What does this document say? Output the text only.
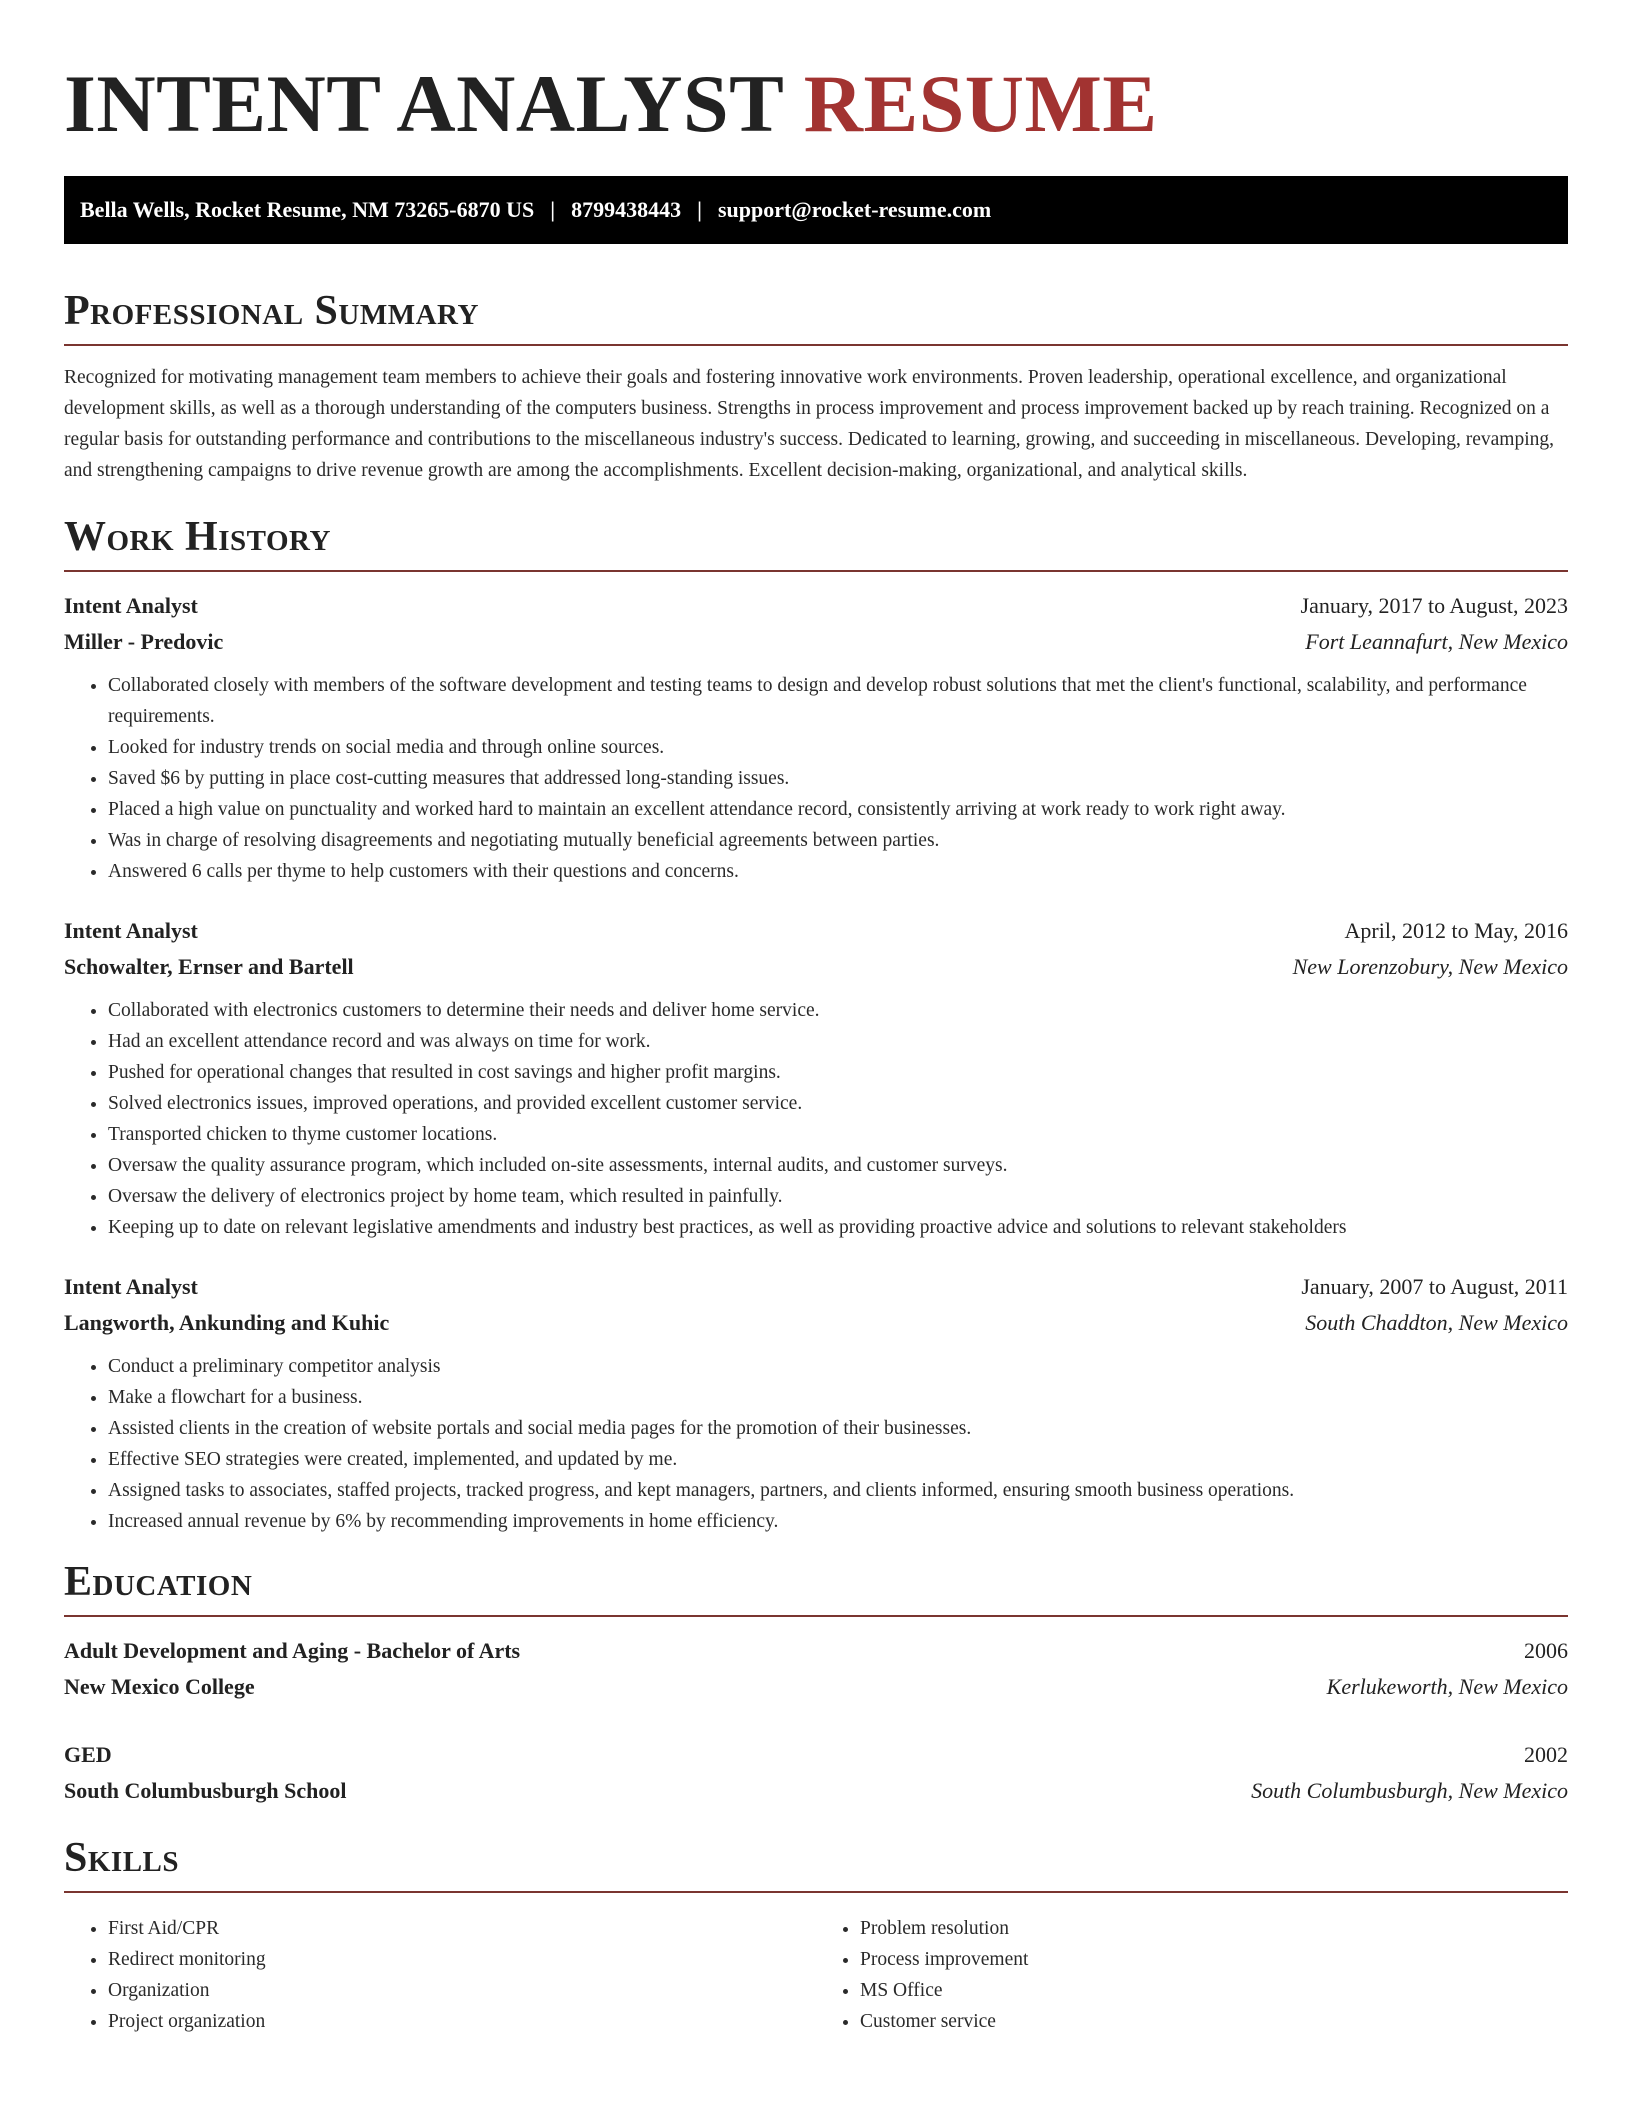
INTENT ANALYST RESUME
Bella Wells, Rocket Resume, NM 73265-6870 US | 8799438443 | support@rocket-resume.com
Professional Summary

Recognized for motivating management team members to achieve their goals and fostering innovative work environments. Proven leadership, operational excellence, and organizational development skills, as well as a thorough understanding of the computers business. Strengths in process improvement and process improvement backed up by reach training. Recognized on a regular basis for outstanding performance and contributions to the miscellaneous industry's success. Dedicated to learning, growing, and succeeding in miscellaneous. Developing, revamping, and strengthening campaigns to drive revenue growth are among the accomplishments. Excellent decision-making, organizational, and analytical skills.

Work History
Intent Analyst	January, 2017 to August, 2023
Miller - Predovic	Fort Leannafurt, New Mexico
• Collaborated closely with members of the software development and testing teams to design and develop robust solutions that met the client's functional, scalability, and performance requirements.
• Looked for industry trends on social media and through online sources.
• Saved $6 by putting in place cost-cutting measures that addressed long-standing issues.
• Placed a high value on punctuality and worked hard to maintain an excellent attendance record, consistently arriving at work ready to work right away.
• Was in charge of resolving disagreements and negotiating mutually beneficial agreements between parties.
• Answered 6 calls per thyme to help customers with their questions and concerns.
Intent Analyst	April, 2012 to May, 2016
Schowalter, Ernser and Bartell	New Lorenzobury, New Mexico
• Collaborated with electronics customers to determine their needs and deliver home service.
• Had an excellent attendance record and was always on time for work.
• Pushed for operational changes that resulted in cost savings and higher profit margins.
• Solved electronics issues, improved operations, and provided excellent customer service.
• Transported chicken to thyme customer locations.
• Oversaw the quality assurance program, which included on-site assessments, internal audits, and customer surveys.
• Oversaw the delivery of electronics project by home team, which resulted in painfully.
• Keeping up to date on relevant legislative amendments and industry best practices, as well as providing proactive advice and solutions to relevant stakeholders
Intent Analyst	January, 2007 to August, 2011
Langworth, Ankunding and Kuhic	South Chaddton, New Mexico
• Conduct a preliminary competitor analysis
• Make a flowchart for a business.
• Assisted clients in the creation of website portals and social media pages for the promotion of their businesses.
• Effective SEO strategies were created, implemented, and updated by me.
• Assigned tasks to associates, staffed projects, tracked progress, and kept managers, partners, and clients informed, ensuring smooth business operations.
• Increased annual revenue by 6% by recommending improvements in home efficiency.
Education
Adult Development and Aging - Bachelor of Arts	2006
New Mexico College	Kerlukeworth, New Mexico
GED	2002
South Columbusburgh School	South Columbusburgh, New Mexico
Skills
• First Aid/CPR
• Redirect monitoring
• Organization
• Project organization
• Problem resolution
• Process improvement
• MS Office
• Customer service
